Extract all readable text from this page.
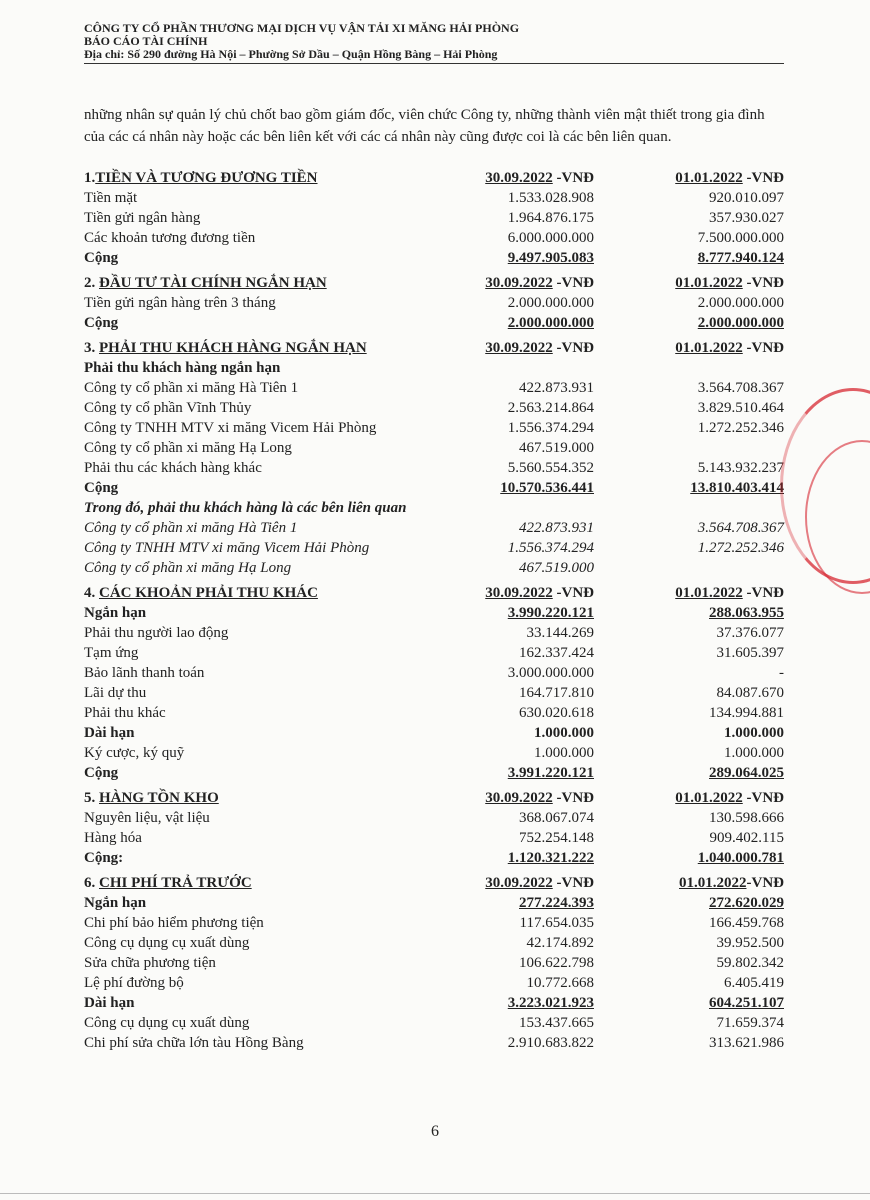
CÔNG TY CỔ PHẦN THƯƠNG MẠI DỊCH VỤ VẬN TẢI XI MĂNG HẢI PHÒNG
BÁO CÁO TÀI CHÍNH
Địa chỉ: Số 290 đường Hà Nội – Phường Sở Dầu – Quận Hồng Bàng – Hải Phòng
những nhân sự quản lý chủ chốt bao gồm giám đốc, viên chức Công ty, những thành viên mật thiết trong gia đình của các cá nhân này hoặc các bên liên kết với các cá nhân này cũng được coi là các bên liên quan.
1.TIỀN VÀ TƯƠNG ĐƯƠNG TIỀN	30.09.2022 -VNĐ	01.01.2022 -VNĐ
Tiền mặt	1.533.028.908	920.010.097
Tiền gửi ngân hàng	1.964.876.175	357.930.027
Các khoản tương đương tiền	6.000.000.000	7.500.000.000
Cộng	9.497.905.083	8.777.940.124
2. ĐẦU TƯ TÀI CHÍNH NGẮN HẠN	30.09.2022 -VNĐ	01.01.2022 -VNĐ
Tiền gửi ngân hàng trên 3 tháng	2.000.000.000	2.000.000.000
Cộng	2.000.000.000	2.000.000.000
3. PHẢI THU KHÁCH HÀNG NGẮN HẠN	30.09.2022 -VNĐ	01.01.2022 -VNĐ
Phải thu khách hàng ngắn hạn
Công ty cổ phần xi măng Hà Tiên 1	422.873.931	3.564.708.367
Công ty cổ phần Vĩnh Thủy	2.563.214.864	3.829.510.464
Công ty TNHH MTV xi măng Vicem Hải Phòng	1.556.374.294	1.272.252.346
Công ty cổ phần xi măng Hạ Long	467.519.000
Phải thu các khách hàng khác	5.560.554.352	5.143.932.237
Cộng	10.570.536.441	13.810.403.414
Trong đó, phải thu khách hàng là các bên liên quan
Công ty cổ phần xi măng Hà Tiên 1	422.873.931	3.564.708.367
Công ty TNHH MTV xi măng Vicem Hải Phòng	1.556.374.294	1.272.252.346
Công ty cổ phần xi măng Hạ Long	467.519.000
4. CÁC KHOẢN PHẢI THU KHÁC	30.09.2022 -VNĐ	01.01.2022 -VNĐ
Ngắn hạn	3.990.220.121	288.063.955
Phải thu người lao động	33.144.269	37.376.077
Tạm ứng	162.337.424	31.605.397
Bảo lãnh thanh toán	3.000.000.000	-
Lãi dự thu	164.717.810	84.087.670
Phải thu khác	630.020.618	134.994.881
Dài hạn	1.000.000	1.000.000
Ký cược, ký quỹ	1.000.000	1.000.000
Cộng	3.991.220.121	289.064.025
5. HÀNG TỒN KHO	30.09.2022 -VNĐ	01.01.2022 -VNĐ
Nguyên liệu, vật liệu	368.067.074	130.598.666
Hàng hóa	752.254.148	909.402.115
Cộng:	1.120.321.222	1.040.000.781
6. CHI PHÍ TRẢ TRƯỚC	30.09.2022 -VNĐ	01.01.2022-VNĐ
Ngắn hạn	277.224.393	272.620.029
Chi phí bảo hiểm phương tiện	117.654.035	166.459.768
Công cụ dụng cụ xuất dùng	42.174.892	39.952.500
Sửa chữa phương tiện	106.622.798	59.802.342
Lệ phí đường bộ	10.772.668	6.405.419
Dài hạn	3.223.021.923	604.251.107
Công cụ dụng cụ xuất dùng	153.437.665	71.659.374
Chi phí sửa chữa lớn tàu Hồng Bàng	2.910.683.822	313.621.986
6
